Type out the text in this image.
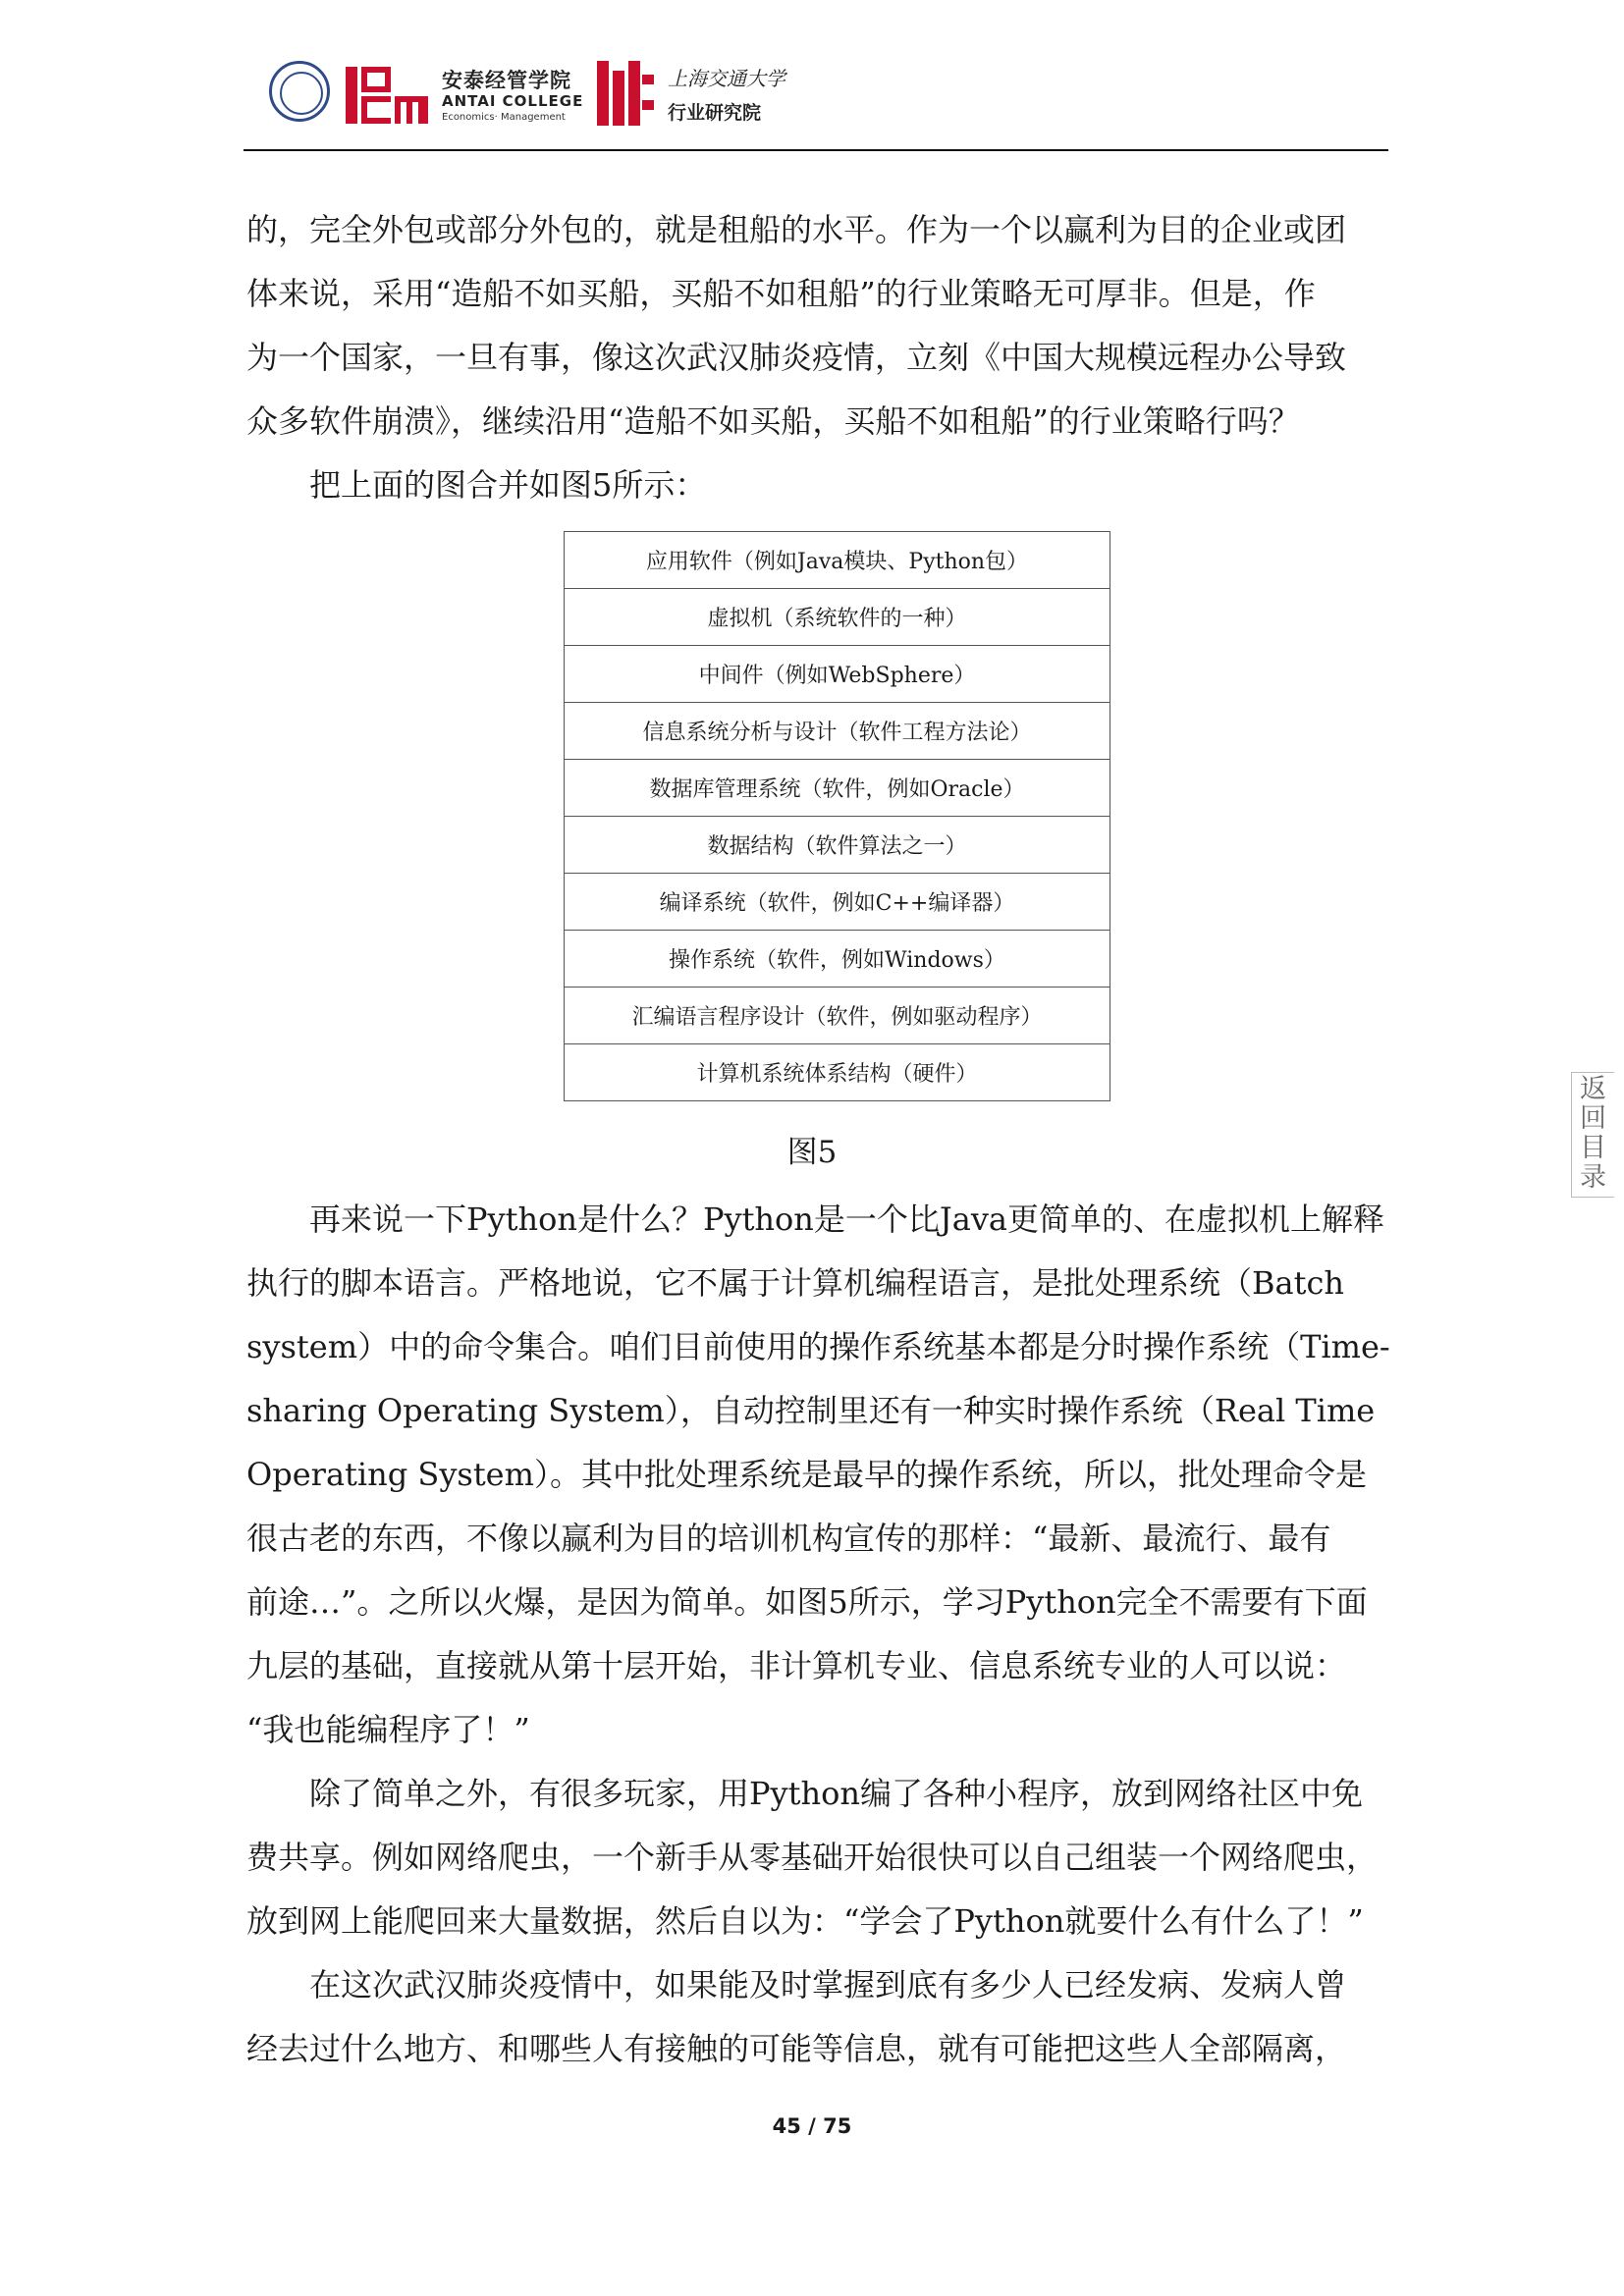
安泰经管学院
ANTAI COLLEGE
Economics· Management
上海交通大学
行业研究院
的，完全外包或部分外包的，就是租船的水平。作为一个以赢利为目的企业或团
体来说，采用“造船不如买船，买船不如租船”的行业策略无可厚非。但是，作
为一个国家，一旦有事，像这次武汉肺炎疫情，立刻《中国大规模远程办公导致
众多软件崩溃》，继续沿用“造船不如买船，买船不如租船”的行业策略行吗？
　　把上面的图合并如图5所示：
应用软件（例如Java模块、Python包）
虚拟机（系统软件的一种）
中间件（例如WebSphere）
信息系统分析与设计（软件工程方法论）
数据库管理系统（软件，例如Oracle）
数据结构（软件算法之一）
编译系统（软件，例如C++编译器）
操作系统（软件，例如Windows）
汇编语言程序设计（软件，例如驱动程序）
计算机系统体系结构（硬件）
图5
　　再来说一下Python是什么？Python是一个比Java更简单的、在虚拟机上解释
执行的脚本语言。严格地说，它不属于计算机编程语言，是批处理系统（Batch
system）中的命令集合。咱们目前使用的操作系统基本都是分时操作系统（Time-
sharing Operating System），自动控制里还有一种实时操作系统（Real Time
Operating System）。其中批处理系统是最早的操作系统，所以，批处理命令是
很古老的东西，不像以赢利为目的培训机构宣传的那样：“最新、最流行、最有
前途…”。之所以火爆，是因为简单。如图5所示，学习Python完全不需要有下面
九层的基础，直接就从第十层开始，非计算机专业、信息系统专业的人可以说：
“我也能编程序了！”
　　除了简单之外，有很多玩家，用Python编了各种小程序，放到网络社区中免
费共享。例如网络爬虫，一个新手从零基础开始很快可以自己组装一个网络爬虫，
放到网上能爬回来大量数据，然后自以为：“学会了Python就要什么有什么了！”
　　在这次武汉肺炎疫情中，如果能及时掌握到底有多少人已经发病、发病人曾
经去过什么地方、和哪些人有接触的可能等信息，就有可能把这些人全部隔离，
返
回
目
录
45 / 75
